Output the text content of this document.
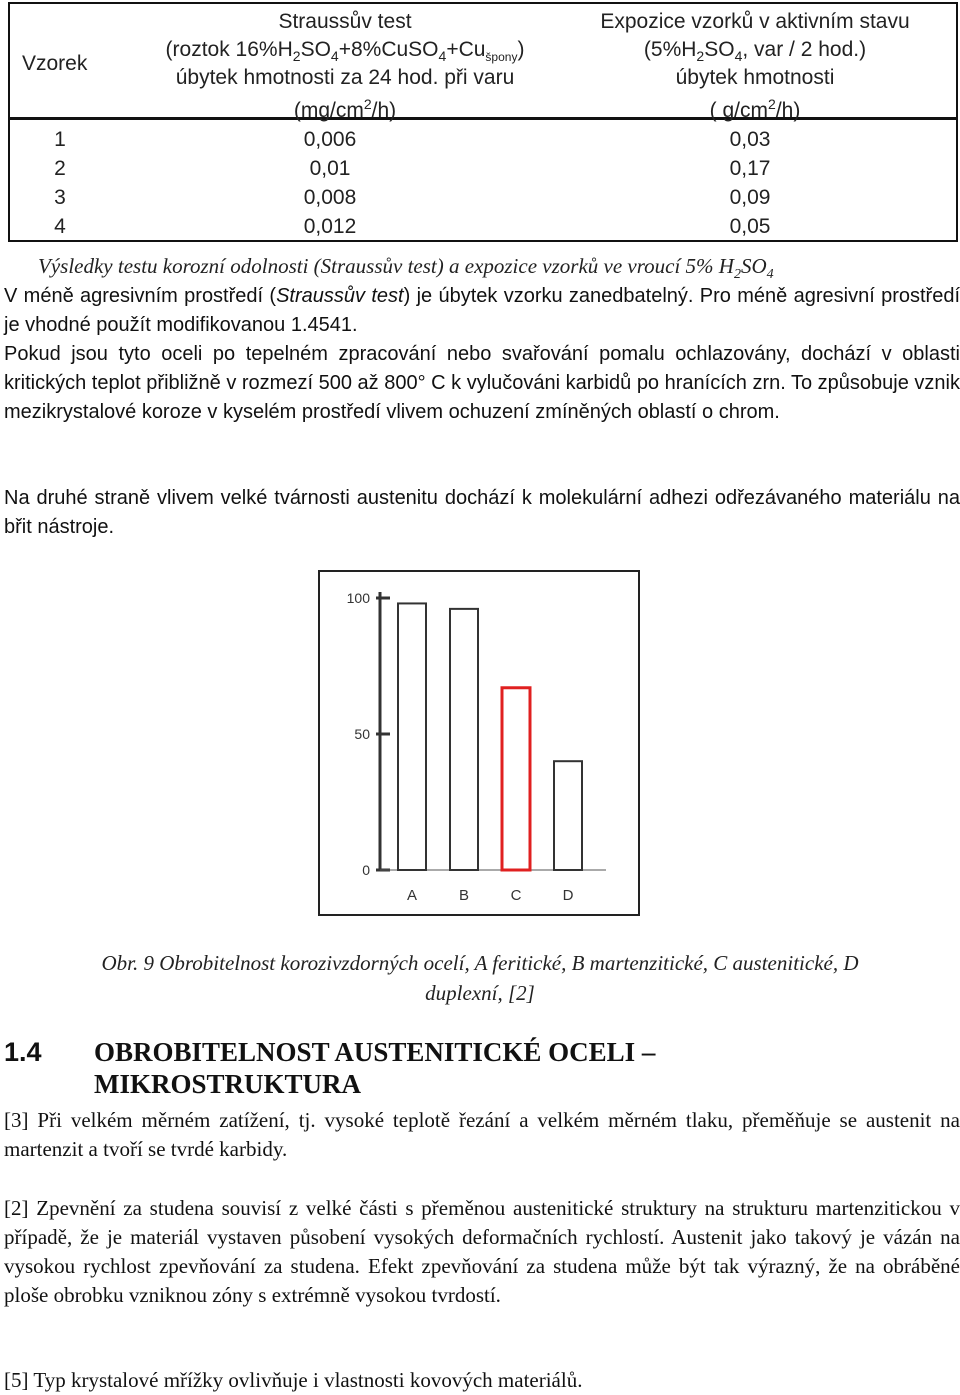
Vzorek
Straussův test
(roztok $16\%H_2SO_4+8\%CuSO_4+Cu_{špony}$)
úbytek hmotnosti za 24 hod. při varu
$(mg/cm^2/h)$
Expozice vzorků v aktivním stavu
($5\%H_2SO_4$, var / 2 hod.)
úbytek hmotnosti
( $g/cm^2/h$)
1	0,006	0,03
2	0,01	0,17
3	0,008	0,09
4	0,012	0,05
Výsledky testu korozní odolnosti (Straussův test) a expozice vzorků ve vroucí 5% $H_2SO_4$
V méně agresivním prostředí (Straussův test) je úbytek vzorku zanedbatelný. Pro méně agresivní prostředí je vhodné použít modifikovanou 1.4541.
Pokud jsou tyto oceli po tepelném zpracování nebo svařování pomalu ochlazovány, dochází v oblasti kritických teplot přibližně v rozmezí 500 až 800° C k vylučováni karbidů po hranících zrn. To způsobuje vznik mezikrystalové koroze v kyselém prostředí vlivem ochuzení zmíněných oblastí o chrom.
Na druhé straně vlivem velké tvárnosti austenitu dochází k molekulární adhezi odřezávaného materiálu na břit nástroje.
0
50
100
A	B	C	D
Obr. 9 Obrobitelnost korozivzdorných ocelí, A feritické, B martenzitické, C austenitické, D
duplexní, [2]
1.4 OBROBITELNOST AUSTENITICKÉ OCELI –
MIKROSTRUKTURA
[3] Při velkém měrném zatížení, tj. vysoké teplotě řezání a velkém měrném tlaku, přeměňuje se austenit na martenzit a tvoří se tvrdé karbidy.
[2] Zpevnění za studena souvisí z velké části s přeměnou austenitické struktury na strukturu martenzitickou v případě, že je materiál vystaven působení vysokých deformačních rychlostí. Austenit jako takový je vázán na vysokou rychlost zpevňování za studena. Efekt zpevňování za studena může být tak výrazný, že na obráběné ploše obrobku vzniknou zóny s extrémně vysokou tvrdostí.
[5] Typ krystalové mřížky ovlivňuje i vlastnosti kovových materiálů.
